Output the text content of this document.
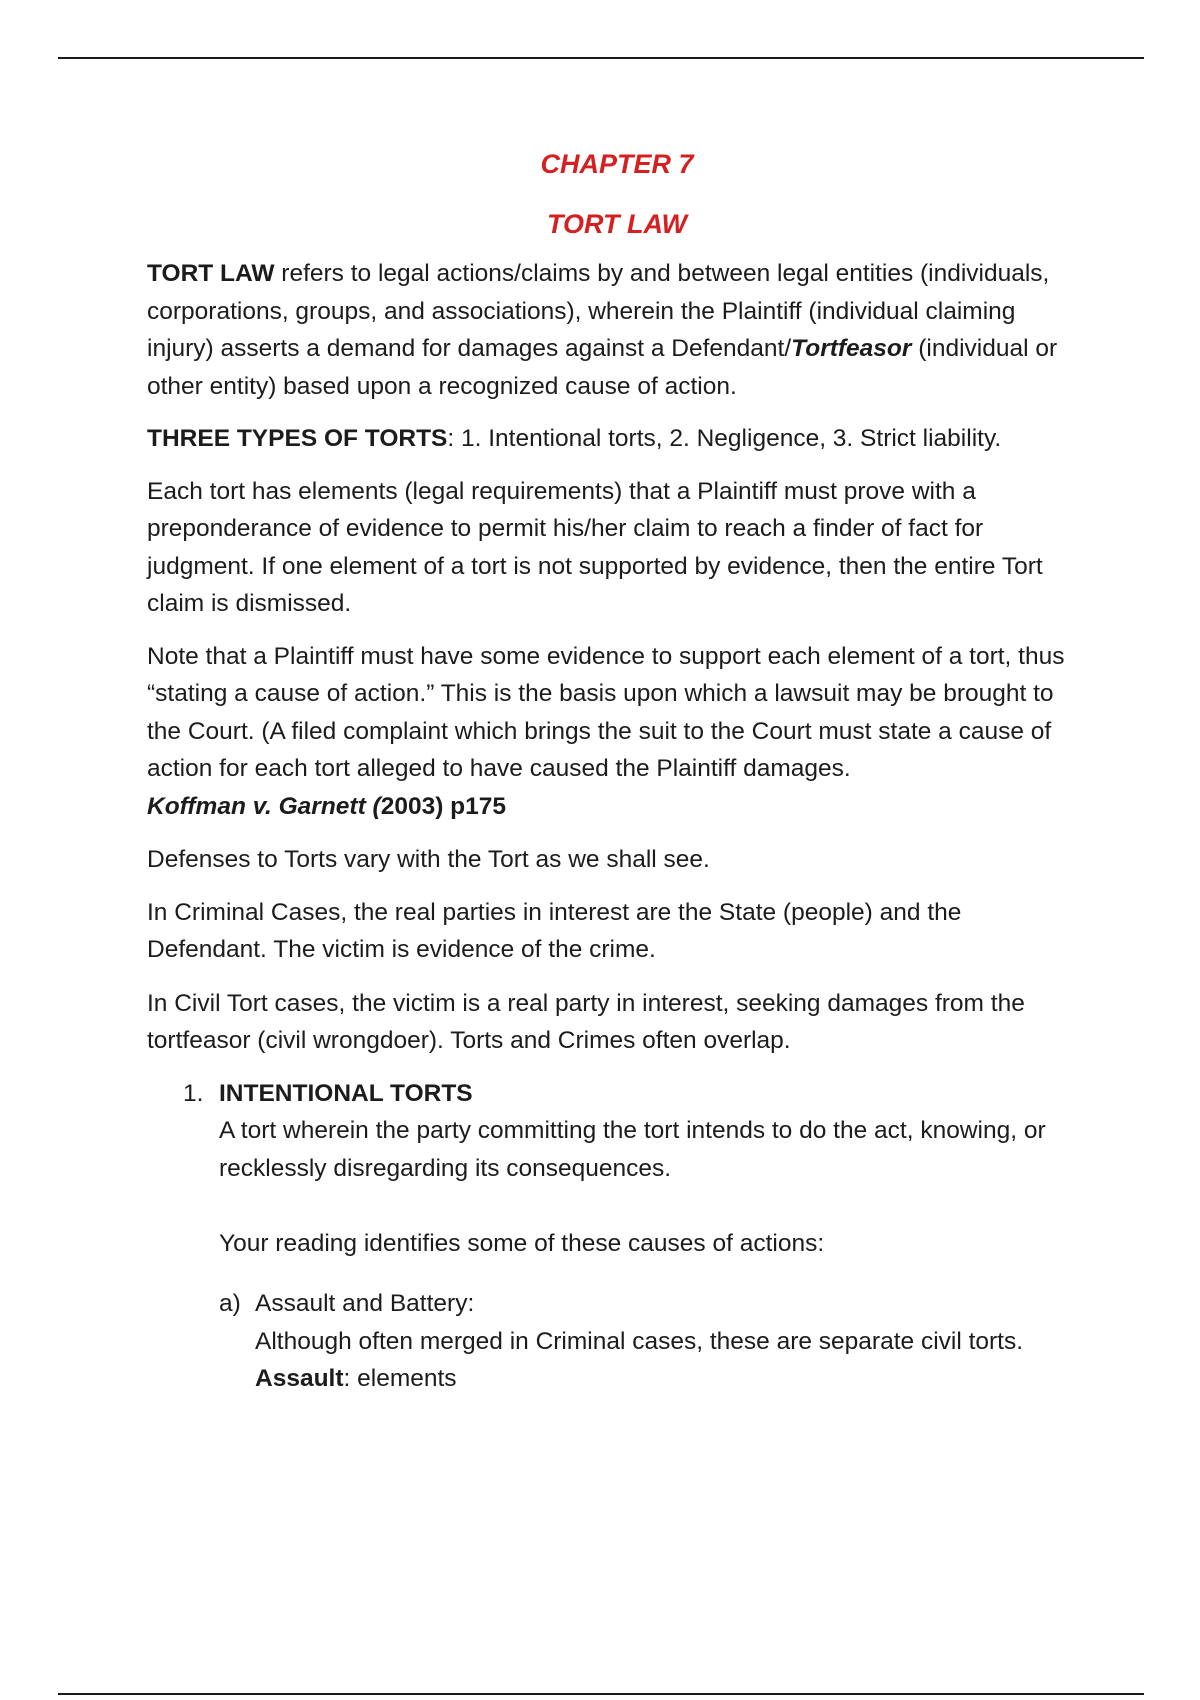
CHAPTER 7
TORT LAW

TORT LAW refers to legal actions/claims by and between legal entities (individuals, corporations, groups, and associations), wherein the Plaintiff (individual claiming injury) asserts a demand for damages against a Defendant/Tortfeasor (individual or other entity) based upon a recognized cause of action.

THREE TYPES OF TORTS: 1. Intentional torts, 2. Negligence, 3. Strict liability.

Each tort has elements (legal requirements) that a Plaintiff must prove with a preponderance of evidence to permit his/her claim to reach a finder of fact for judgment. If one element of a tort is not supported by evidence, then the entire Tort claim is dismissed.

Note that a Plaintiff must have some evidence to support each element of a tort, thus “stating a cause of action.” This is the basis upon which a lawsuit may be brought to the Court. (A filed complaint which brings the suit to the Court must state a cause of action for each tort alleged to have caused the Plaintiff damages.
Koffman v. Garnett (2003) p175

Defenses to Torts vary with the Tort as we shall see.

In Criminal Cases, the real parties in interest are the State (people) and the Defendant. The victim is evidence of the crime.

In Civil Tort cases, the victim is a real party in interest, seeking damages from the tortfeasor (civil wrongdoer). Torts and Crimes often overlap.

1. INTENTIONAL TORTS

A tort wherein the party committing the tort intends to do the act, knowing, or recklessly disregarding its consequences.

Your reading identifies some of these causes of actions:

a) Assault and Battery:

Although often merged in Criminal cases, these are separate civil torts.

Assault: elements
